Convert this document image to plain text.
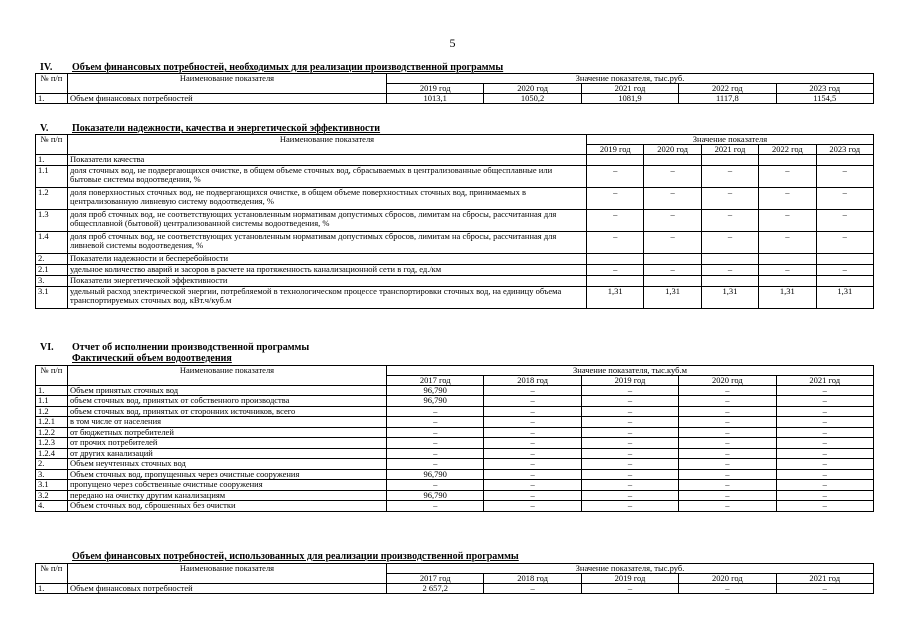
5
IV. Объем финансовых потребностей, необходимых для реализации производственной программы
№ п/п	Наименование показателя	Значение показателя, тыс.руб.				
		2019 год	2020 год	2021 год	2022 год	2023 год
1.	Объем финансовых потребностей	1013,1	1050,2	1081,9	1117,8	1154,5
V. Показатели надежности, качества и энергетической эффективности
№ п/п	Наименование показателя	Значение показателя				
		2019 год	2020 год	2021 год	2022 год	2023 год
1.	Показатели качества					
1.1	доля сточных вод, не подвергающихся очистке, в общем объеме сточных вод, сбрасываемых в централизованные общесплавные или бытовые системы водоотведения, %	–	–	–	–	–
1.2	доля поверхностных сточных вод, не подвергающихся очистке, в общем объеме поверхностных сточных вод, принимаемых в централизованную ливневую систему водоотведения, %	–	–	–	–	–
1.3	доля проб сточных вод, не соответствующих установленным нормативам допустимых сбросов, лимитам на сбросы, рассчитанная для общесплавной (бытовой) централизованной системы водоотведения, %	–	–	–	–	–
1.4	доля проб сточных вод, не соответствующих установленным нормативам допустимых сбросов, лимитам на сбросы, рассчитанная для ливневой системы водоотведения, %	–	–	–	–	–
2.	Показатели надежности и бесперебойности					
2.1	удельное количество аварий и засоров в расчете на протяженность канализационной сети в год, ед./км	–	–	–	–	–
3.	Показатели энергетической эффективности					
3.1	удельный расход электрической энергии, потребляемой в технологическом процессе транспортировки сточных вод, на единицу объема транспортируемых сточных вод, кВт.ч/куб.м	1,31	1,31	1,31	1,31	1,31
VI. Отчет об исполнении производственной программы
Фактический объем водоотведения
№ п/п	Наименование показателя	Значение показателя, тыс.куб.м				
		2017 год	2018 год	2019 год	2020 год	2021 год
1.	Объем принятых сточных вод	96,790	–	–	–	–
1.1	объем сточных вод, принятых от собственного производства	96,790	–	–	–	–
1.2	объем сточных вод, принятых от сторонних источников, всего	–	–	–	–	–
1.2.1	в том числе от населения	–	–	–	–	–
1.2.2	от бюджетных потребителей	–	–	–	–	–
1.2.3	от прочих потребителей	–	–	–	–	–
1.2.4	от других канализаций	–	–	–	–	–
2.	Объем неучтенных сточных вод	–	–	–	–	–
3.	Объем сточных вод, пропущенных через очистные сооружения	96,790	–	–	–	–
3.1	пропущено через собственные очистные сооружения	–	–	–	–	–
3.2	передано на очистку другим канализациям	96,790	–	–	–	–
4.	Объем сточных вод, сброшенных без очистки	–	–	–	–	–
Объем финансовых потребностей, использованных для реализации производственной программы
№ п/п	Наименование показателя	Значение показателя, тыс.руб.				
		2017 год	2018 год	2019 год	2020 год	2021 год
1.	Объем финансовых потребностей	2 657,2	–	–	–	–
